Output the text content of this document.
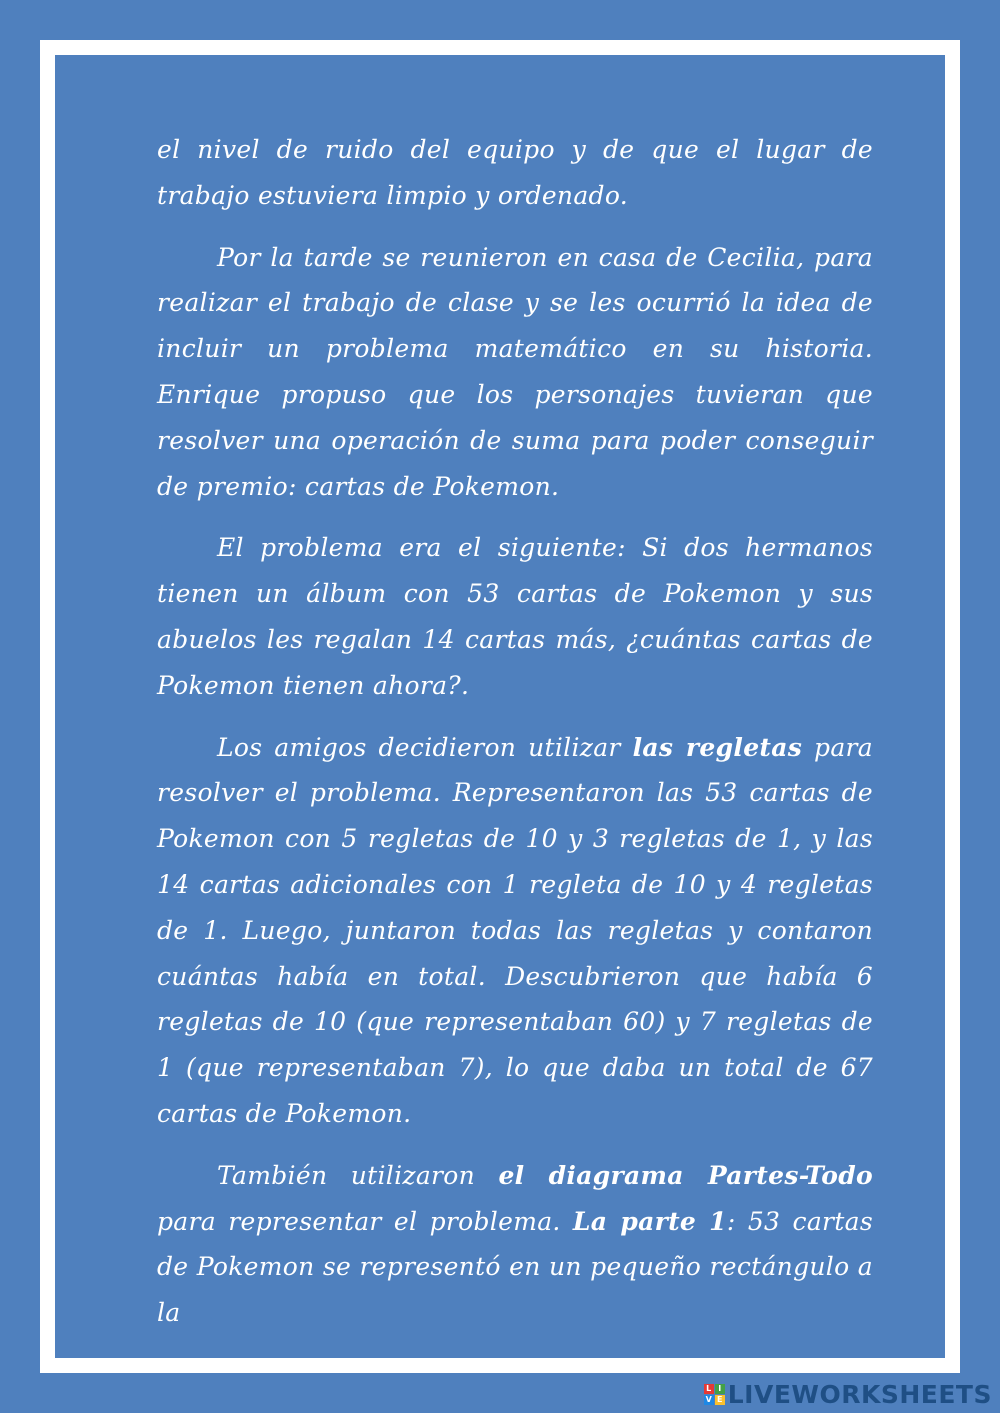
el nivel de ruido del equipo y de que el lugar de trabajo estuviera limpio y ordenado.

Por la tarde se reunieron en casa de Cecilia, para realizar el trabajo de clase y se les ocurrió la idea de incluir un problema matemático en su historia. Enrique propuso que los personajes tuvieran que resolver una operación de suma para poder conseguir de premio: cartas de Pokemon.

El problema era el siguiente: Si dos hermanos tienen un álbum con 53 cartas de Pokemon y sus abuelos les regalan 14 cartas más, ¿cuántas cartas de Pokemon tienen ahora?.

Los amigos decidieron utilizar las regletas para resolver el problema. Representaron las 53 cartas de Pokemon con 5 regletas de 10 y 3 regletas de 1, y las 14 cartas adicionales con 1 regleta de 10 y 4 regletas de 1. Luego, juntaron todas las regletas y contaron cuántas había en total. Descubrieron que había 6 regletas de 10 (que representaban 60) y 7 regletas de 1 (que representaban 7), lo que daba un total de 67 cartas de Pokemon.

También utilizaron el diagrama Partes-Todo para representar el problema. La parte 1: 53 cartas de Pokemon se representó en un pequeño rectángulo a la

L I
V E LIVEWORKSHEETS
